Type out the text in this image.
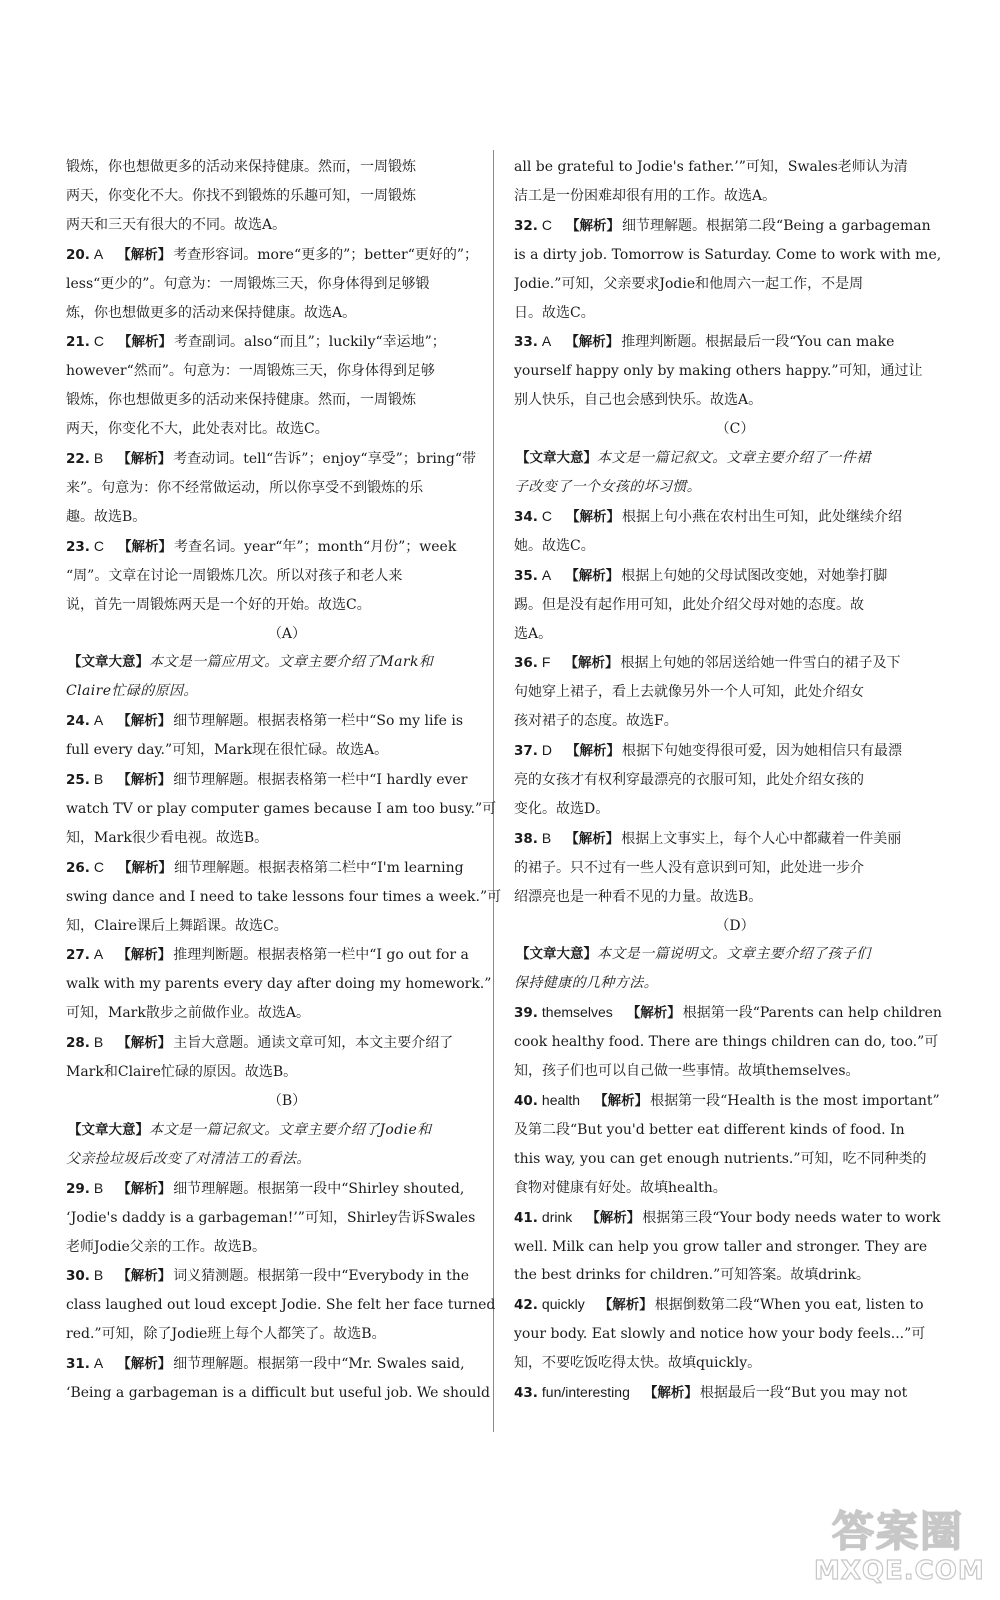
锻炼，你也想做更多的活动来保持健康。然而，一周锻炼
两天，你变化不大。你找不到锻炼的乐趣可知，一周锻炼
两天和三天有很大的不同。故选A。
20. A 【解析】 考查形容词。more“更多的”；better“更好的”；
less“更少的”。句意为：一周锻炼三天，你身体得到足够锻
炼，你也想做更多的活动来保持健康。故选A。
21. C 【解析】 考查副词。also“而且”；luckily“幸运地”；
however“然而”。句意为：一周锻炼三天，你身体得到足够
锻炼，你也想做更多的活动来保持健康。然而，一周锻炼
两天，你变化不大，此处表对比。故选C。
22. B 【解析】 考查动词。tell“告诉”；enjoy“享受”；bring“带
来”。句意为：你不经常做运动，所以你享受不到锻炼的乐
趣。故选B。
23. C 【解析】 考查名词。year“年”；month“月份”；week
“周”。文章在讨论一周锻炼几次。所以对孩子和老人来
说，首先一周锻炼两天是一个好的开始。故选C。
（A）
【文章大意】本文是一篇应用文。文章主要介绍了Mark和
Claire忙碌的原因。
24. A 【解析】 细节理解题。根据表格第一栏中“So my life is
full every day.”可知，Mark现在很忙碌。故选A。
25. B 【解析】 细节理解题。根据表格第一栏中“I hardly ever
watch TV or play computer games because I am too busy.”可
知，Mark很少看电视。故选B。
26. C 【解析】 细节理解题。根据表格第二栏中“I'm learning
swing dance and I need to take lessons four times a week.”可
知，Claire课后上舞蹈课。故选C。
27. A 【解析】 推理判断题。根据表格第一栏中“I go out for a
walk with my parents every day after doing my homework.”
可知，Mark散步之前做作业。故选A。
28. B 【解析】 主旨大意题。通读文章可知，本文主要介绍了
Mark和Claire忙碌的原因。故选B。
（B）
【文章大意】本文是一篇记叙文。文章主要介绍了Jodie和
父亲捡垃圾后改变了对清洁工的看法。
29. B 【解析】 细节理解题。根据第一段中“Shirley shouted,
‘Jodie's daddy is a garbageman!’”可知，Shirley告诉Swales
老师Jodie父亲的工作。故选B。
30. B 【解析】 词义猜测题。根据第一段中“Everybody in the
class laughed out loud except Jodie. She felt her face turned
red.”可知，除了Jodie班上每个人都笑了。故选B。
31. A 【解析】 细节理解题。根据第一段中“Mr. Swales said,
‘Being a garbageman is a difficult but useful job. We should
all be grateful to Jodie's father.’”可知，Swales老师认为清
洁工是一份困难却很有用的工作。故选A。
32. C 【解析】 细节理解题。根据第二段“Being a garbageman
is a dirty job. Tomorrow is Saturday. Come to work with me,
Jodie.”可知，父亲要求Jodie和他周六一起工作，不是周
日。故选C。
33. A 【解析】 推理判断题。根据最后一段“You can make
yourself happy only by making others happy.”可知，通过让
别人快乐，自己也会感到快乐。故选A。
（C）
【文章大意】本文是一篇记叙文。文章主要介绍了一件裙
子改变了一个女孩的坏习惯。
34. C 【解析】 根据上句小燕在农村出生可知，此处继续介绍
她。故选C。
35. A 【解析】 根据上句她的父母试图改变她，对她拳打脚
踢。但是没有起作用可知，此处介绍父母对她的态度。故
选A。
36. F 【解析】 根据上句她的邻居送给她一件雪白的裙子及下
句她穿上裙子，看上去就像另外一个人可知，此处介绍女
孩对裙子的态度。故选F。
37. D 【解析】 根据下句她变得很可爱，因为她相信只有最漂
亮的女孩才有权利穿最漂亮的衣服可知，此处介绍女孩的
变化。故选D。
38. B 【解析】 根据上文事实上，每个人心中都藏着一件美丽
的裙子。只不过有一些人没有意识到可知，此处进一步介
绍漂亮也是一种看不见的力量。故选B。
（D）
【文章大意】本文是一篇说明文。文章主要介绍了孩子们
保持健康的几种方法。
39. themselves 【解析】 根据第一段“Parents can help children
cook healthy food. There are things children can do, too.”可
知，孩子们也可以自己做一些事情。故填themselves。
40. health 【解析】 根据第一段“Health is the most important”
及第二段“But you'd better eat different kinds of food. In
this way, you can get enough nutrients.”可知，吃不同种类的
食物对健康有好处。故填health。
41. drink 【解析】 根据第三段“Your body needs water to work
well. Milk can help you grow taller and stronger. They are
the best drinks for children.”可知答案。故填drink。
42. quickly 【解析】 根据倒数第二段“When you eat, listen to
your body. Eat slowly and notice how your body feels...”可
知，不要吃饭吃得太快。故填quickly。
43. fun/interesting 【解析】 根据最后一段“But you may not
答案圈
MXQE.COM
